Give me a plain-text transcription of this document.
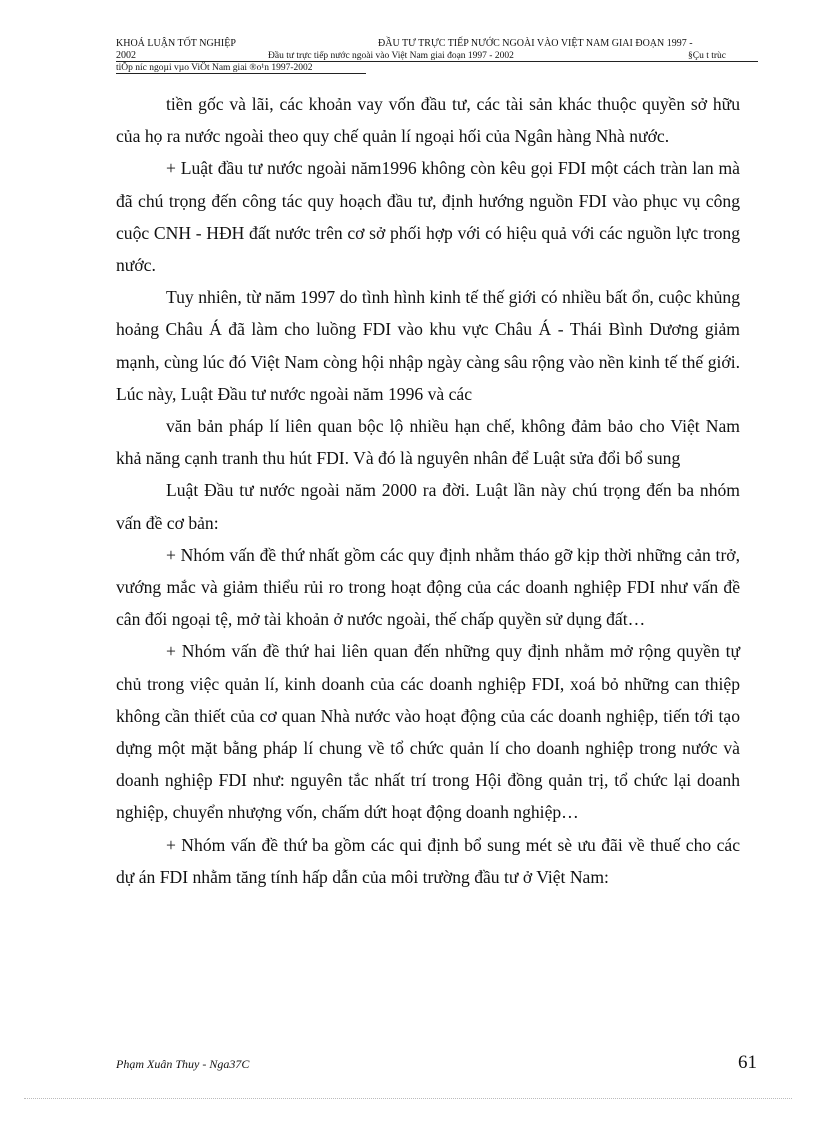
KHOÁ LUẬN TỐT NGHIỆP	ĐẦU TƯ TRỰC TIẾP NƯỚC NGOÀI VÀO VIỆT NAM GIAI ĐOẠN 1997 -
2002	Đầu tư trực tiếp nước ngoài vào Việt Nam giai đoạn 1997 - 2002	§Çu t trùc
tiÕp níc ngoµi vµo ViÖt Nam giai ®o¹n 1997-2002

tiền gốc và lãi, các khoản vay vốn đầu tư, các tài sản khác thuộc quyền sở hữu của họ ra nước ngoài theo quy chế quản lí ngoại hối của Ngân hàng Nhà nước.

+ Luật đầu tư nước ngoài năm1996 không còn kêu gọi FDI một cách tràn lan mà đã chú trọng đến công tác quy hoạch đầu tư, định hướng nguồn FDI vào phục vụ công cuộc CNH - HĐH đất nước trên cơ sở phối hợp với có hiệu quả với các nguồn lực trong nước.

Tuy nhiên, từ năm 1997 do tình hình kinh tế thế giới có nhiều bất ổn, cuộc khủng hoảng Châu Á đã làm cho luồng FDI vào khu vực Châu Á - Thái Bình Dương giảm mạnh, cùng lúc đó Việt Nam còng hội nhập ngày càng sâu rộng vào nền kinh tế thế giới. Lúc này, Luật Đầu tư nước ngoài năm 1996 và các

văn bản pháp lí liên quan bộc lộ nhiều hạn chế, không đảm bảo cho Việt Nam khả năng cạnh tranh thu hút FDI. Và đó là nguyên nhân để Luật sửa đổi bổ sung

Luật Đầu tư nước ngoài năm 2000 ra đời. Luật lần này chú trọng đến ba nhóm vấn đề cơ bản:

+ Nhóm vấn đề thứ nhất gồm các quy định nhằm tháo gỡ kịp thời những cản trở, vướng mắc và giảm thiểu rủi ro trong hoạt động của các doanh nghiệp FDI như vấn đề cân đối ngoại tệ, mở tài khoản ở nước ngoài, thế chấp quyền sử dụng đất…

+ Nhóm vấn đề thứ hai liên quan đến những quy định nhằm mở rộng quyền tự chủ trong việc quản lí, kinh doanh của các doanh nghiệp FDI, xoá bỏ những can thiệp không cần thiết của cơ quan Nhà nước vào hoạt động của các doanh nghiệp, tiến tới tạo dựng một mặt bằng pháp lí chung về tổ chức quản lí cho doanh nghiệp trong nước và doanh nghiệp FDI như: nguyên tắc nhất trí trong Hội đồng quản trị, tổ chức lại doanh nghiệp, chuyển nhượng vốn, chấm dứt hoạt động doanh nghiệp…

+ Nhóm vấn đề thứ ba gồm các qui định bổ sung mét sè ưu đãi về thuế cho các dự án FDI nhằm tăng tính hấp dẫn của môi trường đầu tư ở Việt Nam:

Phạm Xuân Thuy - Nga37C	61
